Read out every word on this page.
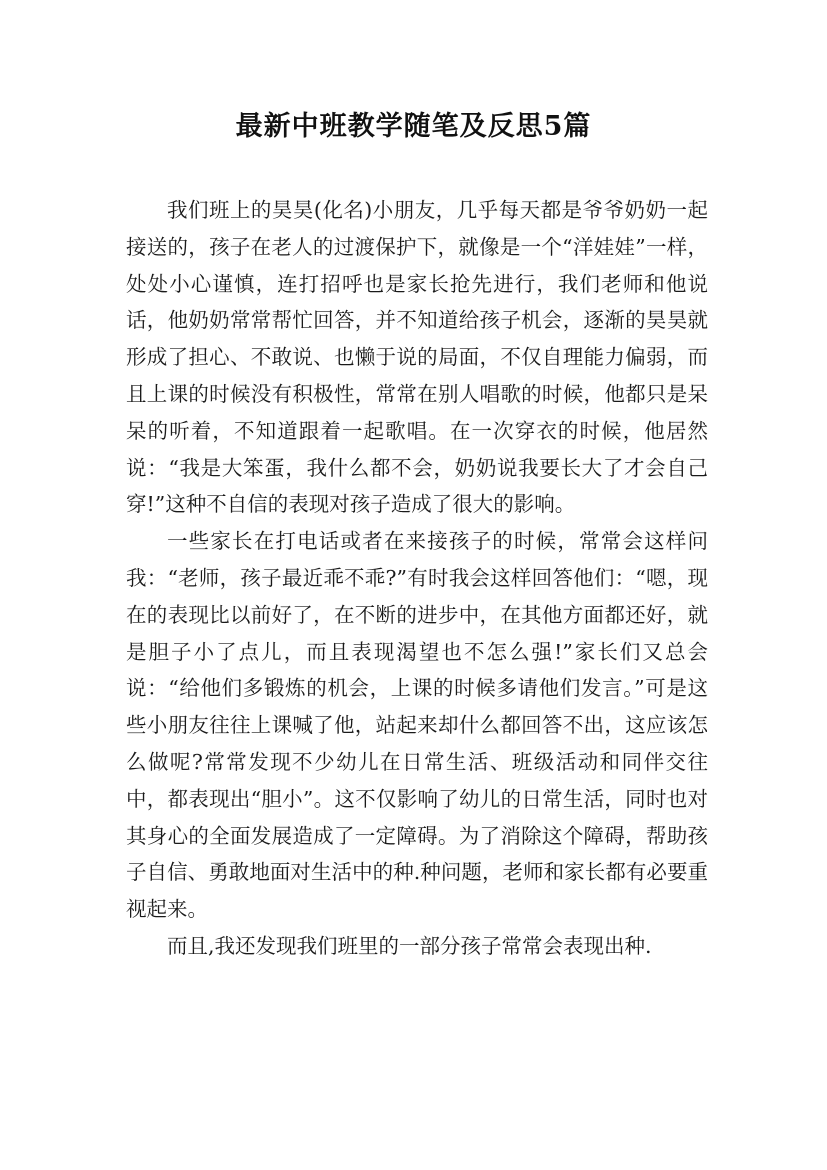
最新中班教学随笔及反思5篇

我们班上的昊昊(化名)小朋友，几乎每天都是爷爷奶奶一起接送的，孩子在老人的过渡保护下，就像是一个“洋娃娃”一样，处处小心谨慎，连打招呼也是家长抢先进行，我们老师和他说话，他奶奶常常帮忙回答，并不知道给孩子机会，逐渐的昊昊就形成了担心、不敢说、也懒于说的局面，不仅自理能力偏弱，而且上课的时候没有积极性，常常在别人唱歌的时候，他都只是呆呆的听着，不知道跟着一起歌唱。在一次穿衣的时候，他居然说：“我是大笨蛋，我什么都不会，奶奶说我要长大了才会自己穿!”这种不自信的表现对孩子造成了很大的影响。

一些家长在打电话或者在来接孩子的时候，常常会这样问我：“老师，孩子最近乖不乖?”有时我会这样回答他们：“嗯，现在的表现比以前好了，在不断的进步中，在其他方面都还好，就是胆子小了点儿，而且表现渴望也不怎么强!”家长们又总会说：“给他们多锻炼的机会，上课的时候多请他们发言。”可是这些小朋友往往上课喊了他，站起来却什么都回答不出，这应该怎么做呢?常常发现不少幼儿在日常生活、班级活动和同伴交往中，都表现出“胆小”。这不仅影响了幼儿的日常生活，同时也对其身心的全面发展造成了一定障碍。为了消除这个障碍，帮助孩子自信、勇敢地面对生活中的种.种问题，老师和家长都有必要重视起来。

而且,我还发现我们班里的一部分孩子常常会表现出种.
